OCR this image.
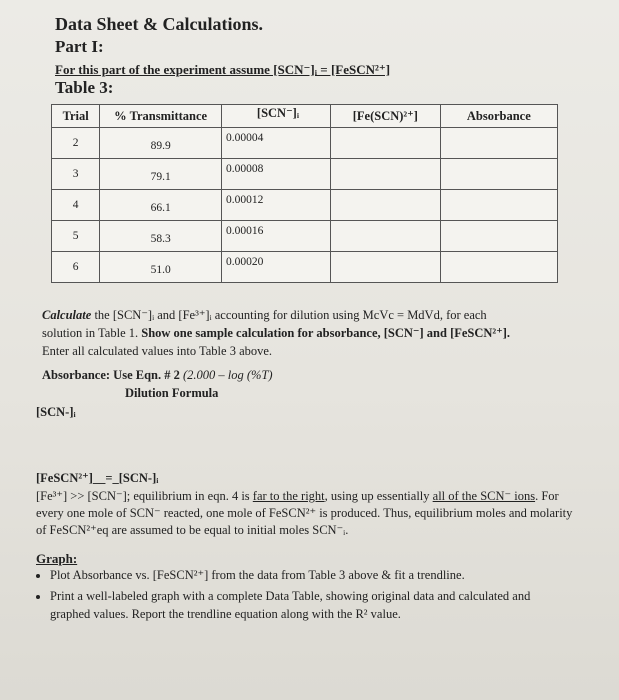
Data Sheet & Calculations.
Part I:
For this part of the experiment assume [SCN⁻]ᵢ = [FeSCN²⁺]
Table 3:
Trial	% Transmittance	[SCN⁻]ᵢ	[Fe(SCN)²⁺]	Absorbance
2	89.9	0.00004		

3	79.1	0.00008		

4	66.1	0.00012		

5	58.3	0.00016		

6	51.0	0.00020		

Calculate the [SCN⁻]ᵢ and [Fe³⁺]ᵢ accounting for dilution using McVc = MdVd, for each
solution in Table 1. Show one sample calculation for absorbance, [SCN⁻] and [FeSCN²⁺].
Enter all calculated values into Table 3 above.
Absorbance: Use Eqn. # 2 (2.000 – log (%T)
Dilution Formula
[SCN-]ᵢ
[FeSCN²⁺]__=_[SCN-]ᵢ
[Fe³⁺] >> [SCN⁻]; equilibrium in eqn. 4 is far to the right, using up essentially all of the SCN⁻ ions. For every one mole of SCN⁻ reacted, one mole of FeSCN²⁺ is produced. Thus, equilibrium moles and molarity of FeSCN²⁺eq are assumed to be equal to initial moles SCN⁻ᵢ.
Graph:
• Plot Absorbance vs. [FeSCN²⁺] from the data from Table 3 above & fit a trendline.
• Print a well-labeled graph with a complete Data Table, showing original data and calculated and graphed values. Report the trendline equation along with the R² value.
